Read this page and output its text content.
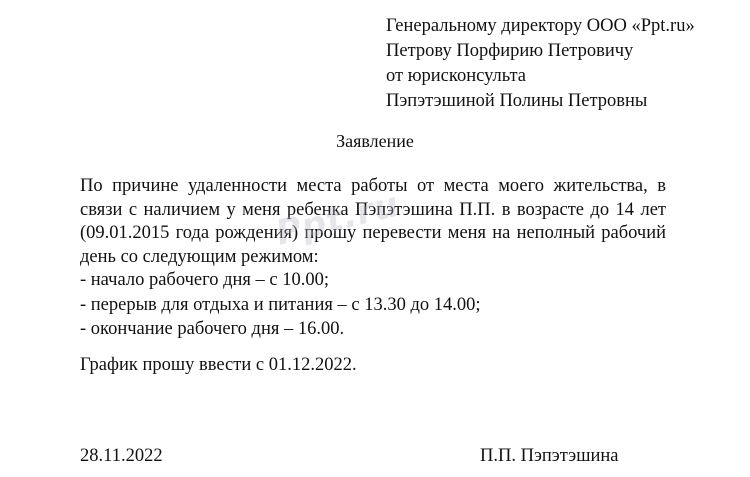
Генеральному директору ООО «Ppt.ru»
Петрову Порфирию Петровичу
от юрисконсульта
Пэпэтэшиной Полины Петровны
Заявление
По причине удаленности места работы от места моего жительства, в связи с наличием у меня ребенка Пэпэтэшина П.П. в возрасте до 14 лет (09.01.2015 года рождения) прошу перевести меня на неполный рабочий день со следующим режимом:
- начало рабочего дня – с 10.00;
- перерыв для отдыха и питания – с 13.30 до 14.00;
- окончание рабочего дня – 16.00.
График прошу ввести с 01.12.2022.
28.11.2022	П.П. Пэпэтэшина
Ppt.ru
